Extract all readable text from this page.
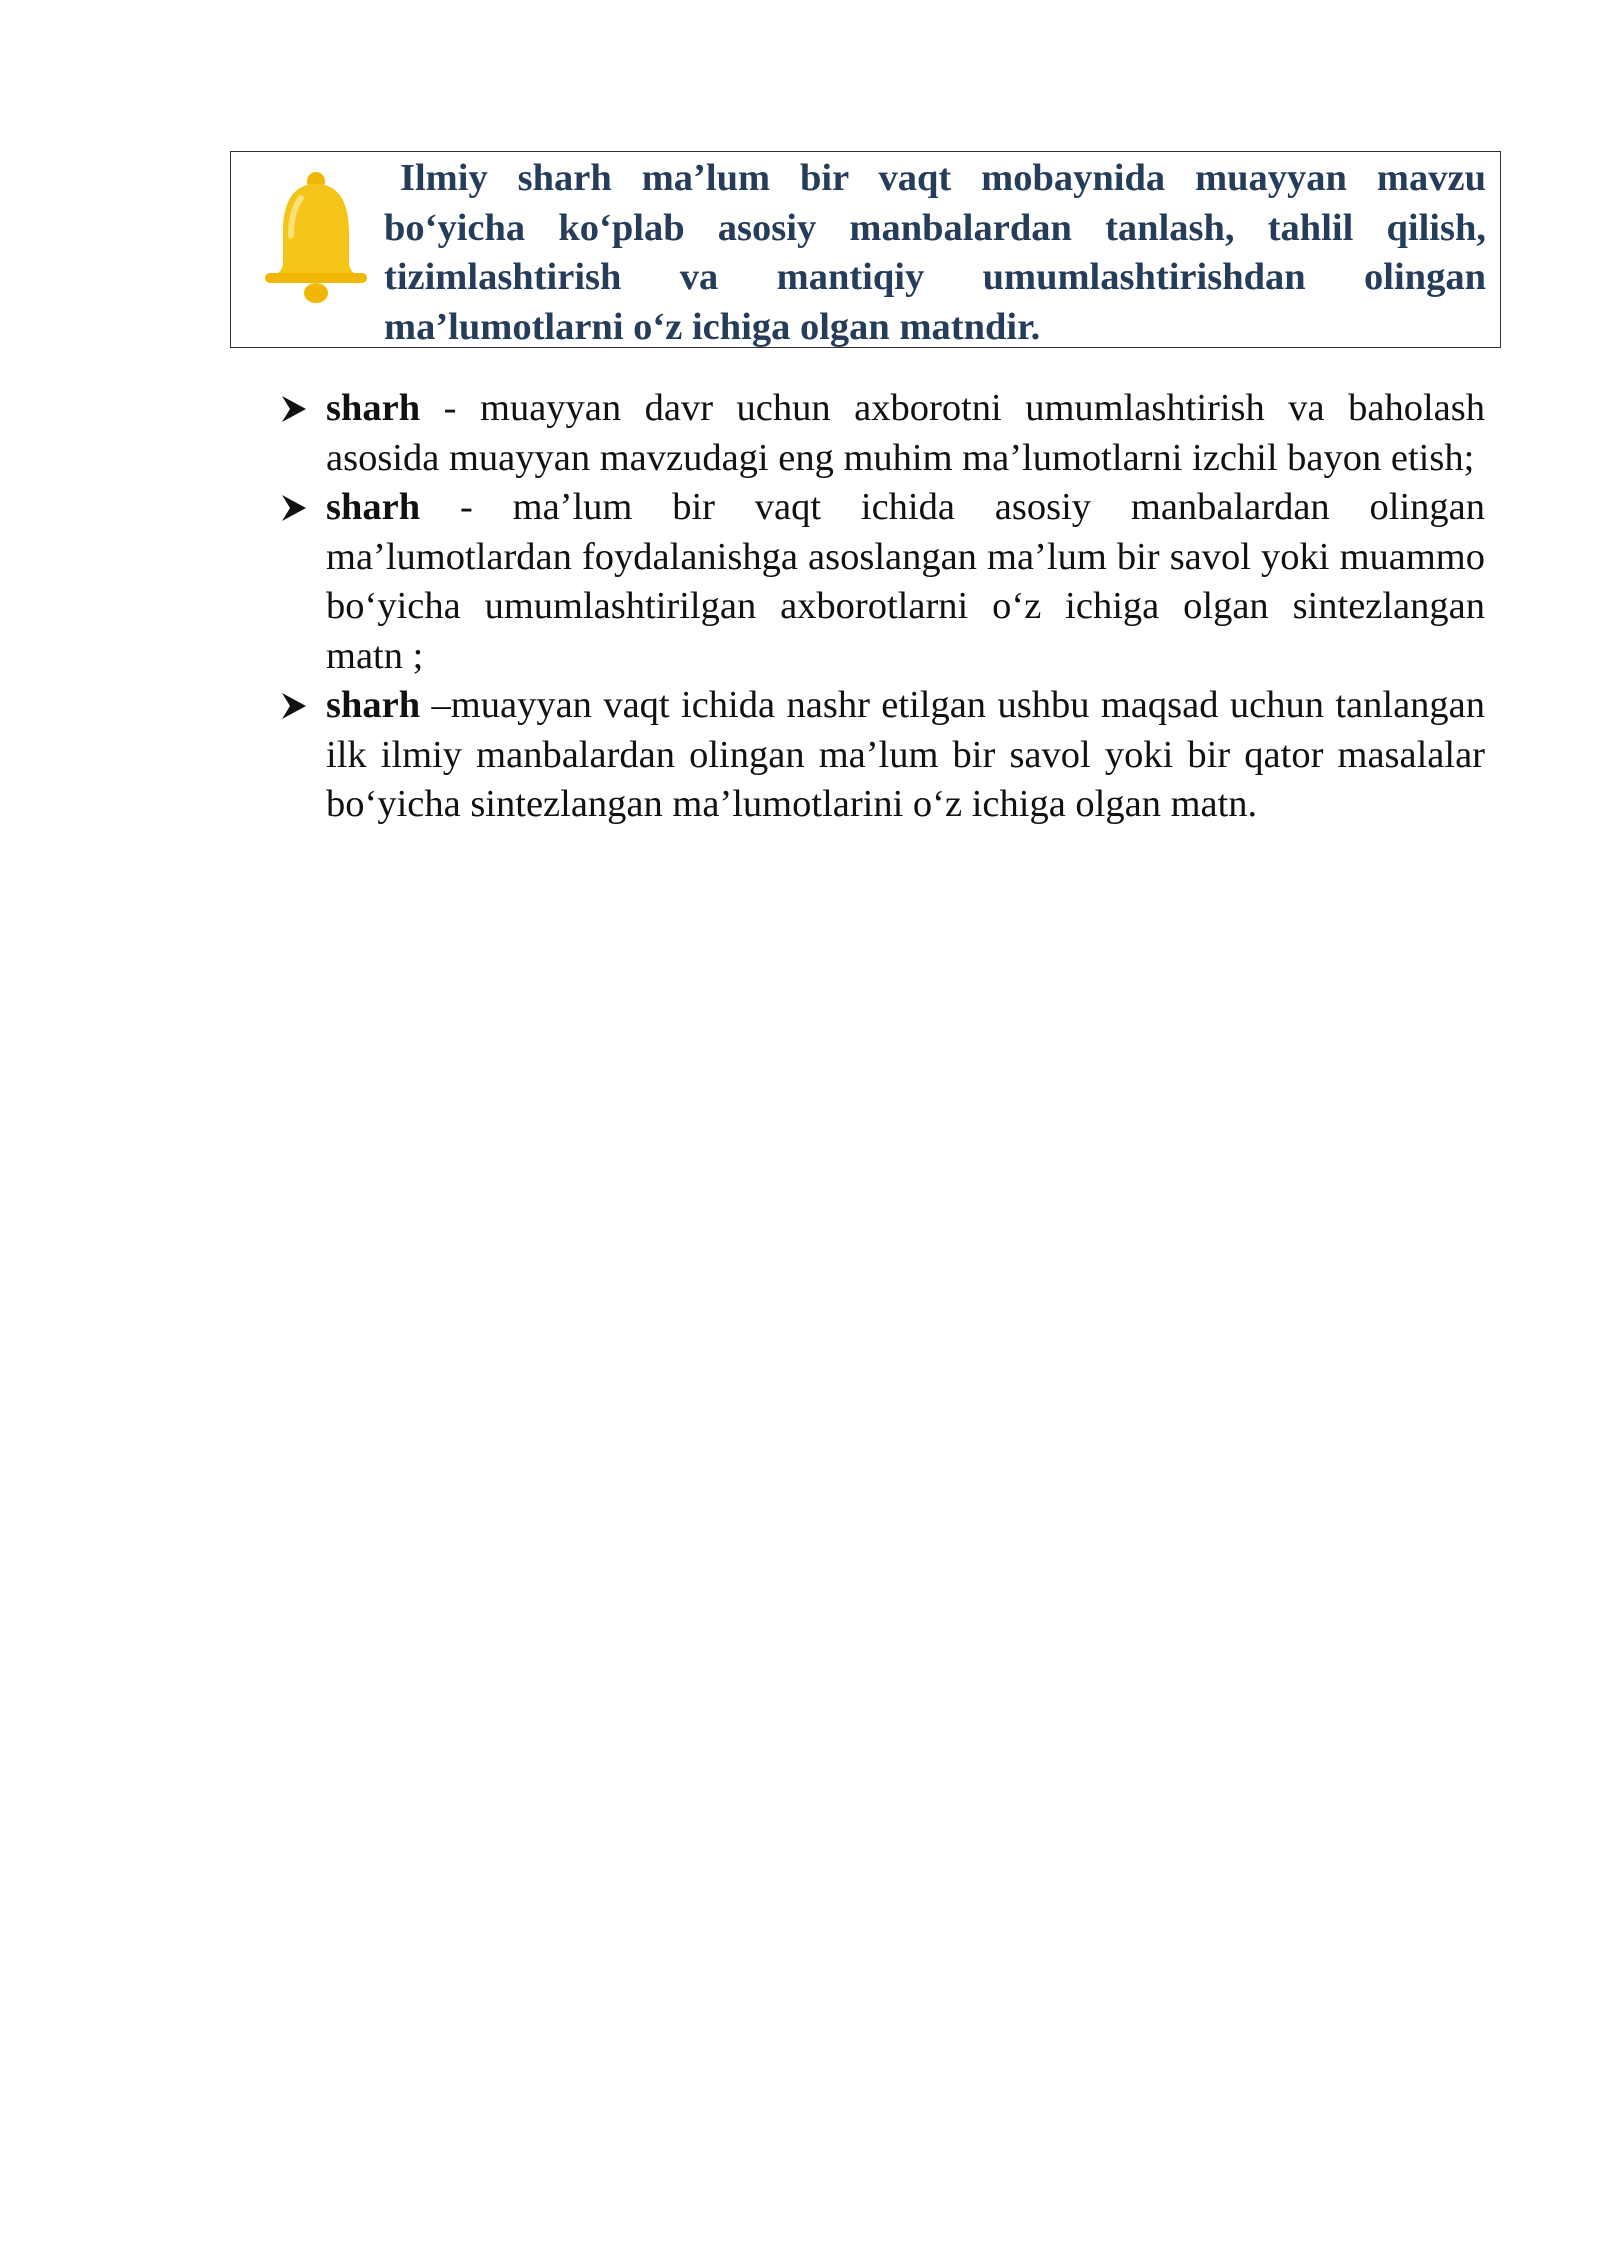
Ilmiy sharh ma’lum bir vaqt mobaynida muayyan mavzu bo‘yicha ko‘plab asosiy manbalardan tanlash, tahlil qilish, tizimlashtirish va mantiqiy umumlashtirishdan olingan ma’lumotlarni o‘z ichiga olgan matndir.

sharh - muayyan davr uchun axborotni umumlashtirish va baholash asosida muayyan mavzudagi eng muhim ma’lumotlarni izchil bayon etish;
sharh - ma’lum bir vaqt ichida asosiy manbalardan olingan ma’lumotlardan foydalanishga asoslangan ma’lum bir savol yoki muammo bo‘yicha umumlashtirilgan axborotlarni o‘z ichiga olgan sintezlangan matn ;
sharh –muayyan vaqt ichida nashr etilgan ushbu maqsad uchun tanlangan ilk ilmiy manbalardan olingan ma’lum bir savol yoki bir qator masalalar bo‘yicha sintezlangan ma’lumotlarini o‘z ichiga olgan matn.
